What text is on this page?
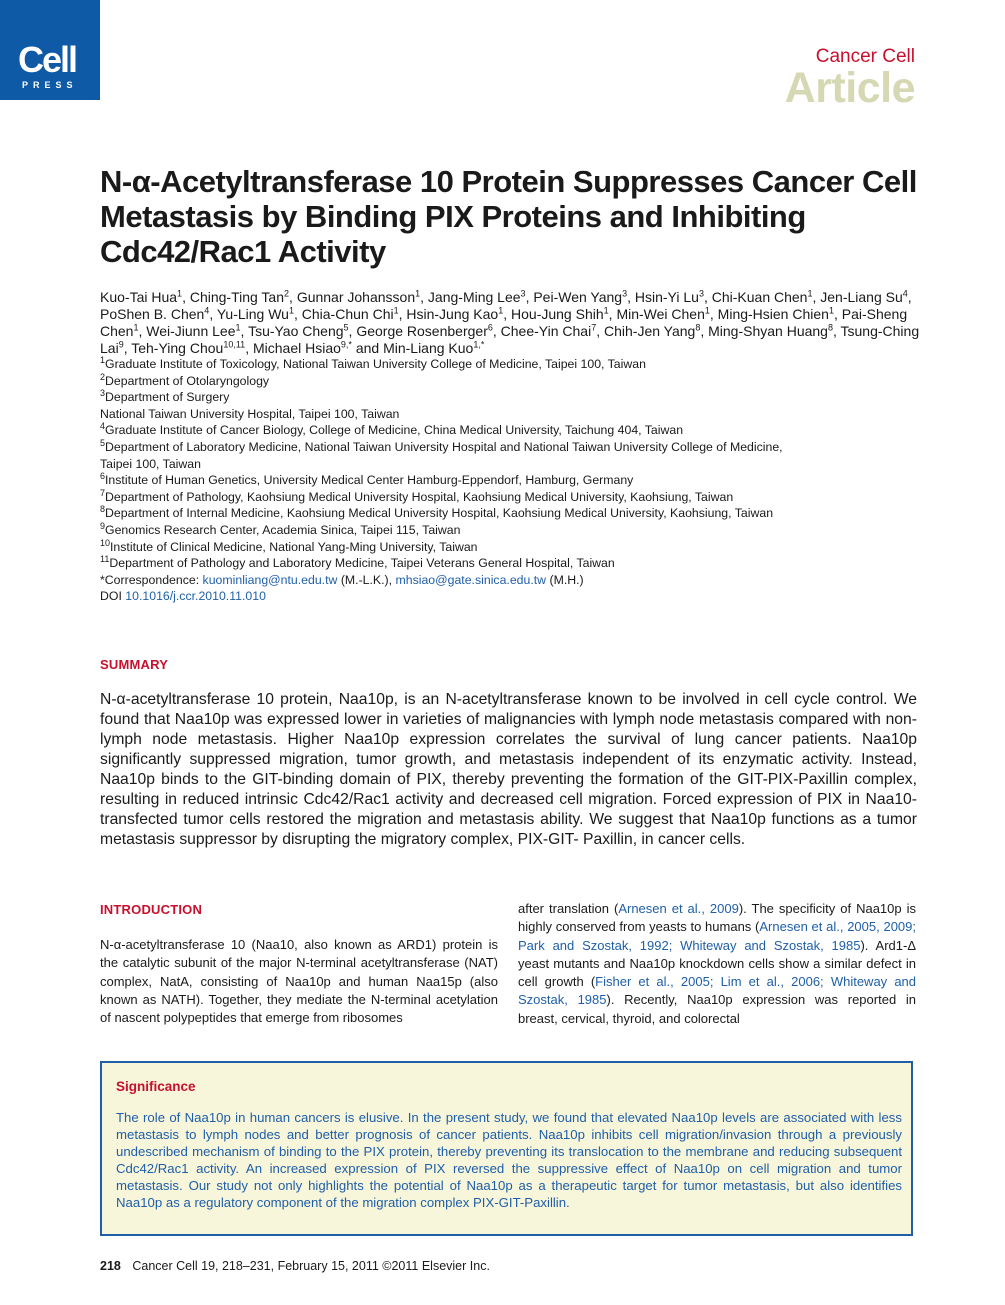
Cell
PRESS
Cancer Cell
Article
N-α-Acetyltransferase 10 Protein Suppresses Cancer Cell Metastasis by Binding PIX Proteins and Inhibiting Cdc42/Rac1 Activity
Kuo-Tai Hua$^1$, Ching-Ting Tan$^2$, Gunnar Johansson$^1$, Jang-Ming Lee$^3$, Pei-Wen Yang$^3$, Hsin-Yi Lu$^3$, Chi-Kuan Chen$^1$, Jen-Liang Su$^4$, PoShen B. Chen$^4$, Yu-Ling Wu$^1$, Chia-Chun Chi$^1$, Hsin-Jung Kao$^1$, Hou-Jung Shih$^1$, Min-Wei Chen$^1$, Ming-Hsien Chien$^1$, Pai-Sheng Chen$^1$, Wei-Jiunn Lee$^1$, Tsu-Yao Cheng$^5$, George Rosenberger$^6$, Chee-Yin Chai$^7$, Chih-Jen Yang$^8$, Ming-Shyan Huang$^8$, Tsung-Ching Lai$^9$, Teh-Ying Chou$^{10,11}$, Michael Hsiao$^{9,*}$ and Min-Liang Kuo$^{1,*}$
$^1$Graduate Institute of Toxicology, National Taiwan University College of Medicine, Taipei 100, Taiwan
$^2$Department of Otolaryngology
$^3$Department of Surgery
National Taiwan University Hospital, Taipei 100, Taiwan
$^4$Graduate Institute of Cancer Biology, College of Medicine, China Medical University, Taichung 404, Taiwan
$^5$Department of Laboratory Medicine, National Taiwan University Hospital and National Taiwan University College of Medicine,
Taipei 100, Taiwan
$^6$Institute of Human Genetics, University Medical Center Hamburg-Eppendorf, Hamburg, Germany
$^7$Department of Pathology, Kaohsiung Medical University Hospital, Kaohsiung Medical University, Kaohsiung, Taiwan
$^8$Department of Internal Medicine, Kaohsiung Medical University Hospital, Kaohsiung Medical University, Kaohsiung, Taiwan
$^9$Genomics Research Center, Academia Sinica, Taipei 115, Taiwan
$^{10}$Institute of Clinical Medicine, National Yang-Ming University, Taiwan
$^{11}$Department of Pathology and Laboratory Medicine, Taipei Veterans General Hospital, Taiwan
*Correspondence: kuominliang@ntu.edu.tw (M.-L.K.), mhsiao@gate.sinica.edu.tw (M.H.)
DOI 10.1016/j.ccr.2010.11.010
SUMMARY
N-α-acetyltransferase 10 protein, Naa10p, is an N-acetyltransferase known to be involved in cell cycle control. We found that Naa10p was expressed lower in varieties of malignancies with lymph node metastasis compared with non-lymph node metastasis. Higher Naa10p expression correlates the survival of lung cancer patients. Naa10p significantly suppressed migration, tumor growth, and metastasis independent of its enzymatic activity. Instead, Naa10p binds to the GIT-binding domain of PIX, thereby preventing the formation of the GIT-PIX-Paxillin complex, resulting in reduced intrinsic Cdc42/Rac1 activity and decreased cell migration. Forced expression of PIX in Naa10-transfected tumor cells restored the migration and metastasis ability. We suggest that Naa10p functions as a tumor metastasis suppressor by disrupting the migratory complex, PIX-GIT- Paxillin, in cancer cells.
INTRODUCTION
N-α-acetyltransferase 10 (Naa10, also known as ARD1) protein is the catalytic subunit of the major N-terminal acetyltransferase (NAT) complex, NatA, consisting of Naa10p and human Naa15p (also known as NATH). Together, they mediate the N-terminal acetylation of nascent polypeptides that emerge from ribosomes
after translation (Arnesen et al., 2009). The specificity of Naa10p is highly conserved from yeasts to humans (Arnesen et al., 2005, 2009; Park and Szostak, 1992; Whiteway and Szostak, 1985). Ard1-Δ yeast mutants and Naa10p knockdown cells show a similar defect in cell growth (Fisher et al., 2005; Lim et al., 2006; Whiteway and Szostak, 1985). Recently, Naa10p expression was reported in breast, cervical, thyroid, and colorectal
Significance
The role of Naa10p in human cancers is elusive. In the present study, we found that elevated Naa10p levels are associated with less metastasis to lymph nodes and better prognosis of cancer patients. Naa10p inhibits cell migration/invasion through a previously undescribed mechanism of binding to the PIX protein, thereby preventing its translocation to the membrane and reducing subsequent Cdc42/Rac1 activity. An increased expression of PIX reversed the suppressive effect of Naa10p on cell migration and tumor metastasis. Our study not only highlights the potential of Naa10p as a therapeutic target for tumor metastasis, but also identifies Naa10p as a regulatory component of the migration complex PIX-GIT-Paxillin.
218 Cancer Cell 19, 218–231, February 15, 2011 ©2011 Elsevier Inc.
